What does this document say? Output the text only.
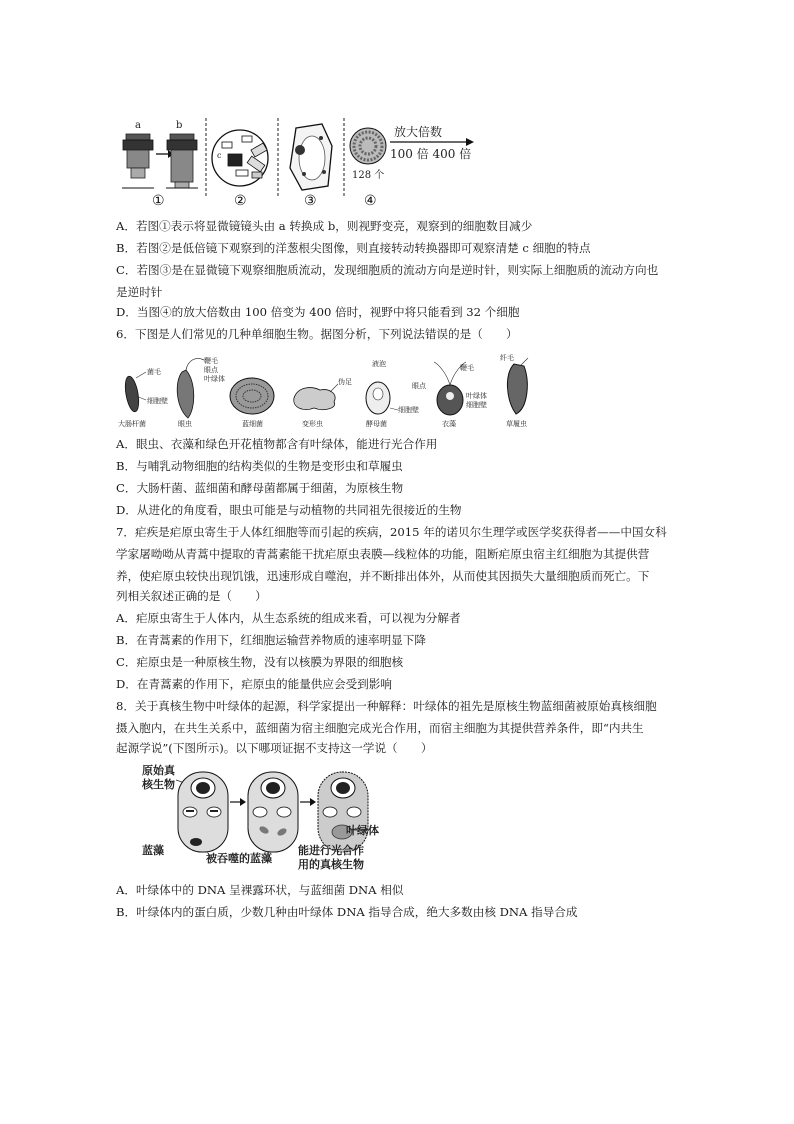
a	b
①
c
②	③
128 个
④
放大倍数
100 倍 400 倍
A．若图①表示将显微镜镜头由 a 转换成 b，则视野变亮，观察到的细胞数目减少
B．若图②是低倍镜下观察到的洋葱根尖图像，则直接转动转换器即可观察清楚 c 细胞的特点
C．若图③是在显微镜下观察细胞质流动，发现细胞质的流动方向是逆时针，则实际上细胞质的流动方向也
是逆时针
D．当图④的放大倍数由 100 倍变为 400 倍时，视野中将只能看到 32 个细胞
6．下图是人们常见的几种单细胞生物。据图分析，下列说法错误的是（　　）
菌毛
细胞壁
大肠杆菌
鞭毛
眼点
叶绿体
眼虫	蓝细菌
伪足
变形虫
液泡
细胞壁
酵母菌
鞭毛
眼点
叶绿体
细胞壁
衣藻
纤毛
草履虫
A．眼虫、衣藻和绿色开花植物都含有叶绿体，能进行光合作用
B．与哺乳动物细胞的结构类似的生物是变形虫和草履虫
C．大肠杆菌、蓝细菌和酵母菌都属于细菌，为原核生物
D．从进化的角度看，眼虫可能是与动植物的共同祖先很接近的生物
7．疟疾是疟原虫寄生于人体红细胞等而引起的疾病，2015 年的诺贝尔生理学或医学奖获得者——中国女科
学家屠呦呦从青蒿中提取的青蒿素能干扰疟原虫表膜—线粒体的功能，阻断疟原虫宿主红细胞为其提供营
养，使疟原虫较快出现饥饿，迅速形成自噬泡，并不断排出体外，从而使其因损失大量细胞质而死亡。下
列相关叙述正确的是（　　）
A．疟原虫寄生于人体内，从生态系统的组成来看，可以视为分解者
B．在青蒿素的作用下，红细胞运输营养物质的速率明显下降
C．疟原虫是一种原核生物，没有以核膜为界限的细胞核
D．在青蒿素的作用下，疟原虫的能量供应会受到影响
8．关于真核生物中叶绿体的起源，科学家提出一种解释：叶绿体的祖先是原核生物蓝细菌被原始真核细胞
摄入胞内，在共生关系中，蓝细菌为宿主细胞完成光合作用，而宿主细胞为其提供营养条件，即“内共生
起源学说”(下图所示)。以下哪项证据不支持这一学说（　　）
原始真
核生物
蓝藻
被吞噬的蓝藻
叶绿体
能进行光合作
用的真核生物
A．叶绿体中的 DNA 呈裸露环状，与蓝细菌 DNA 相似
B．叶绿体内的蛋白质，少数几种由叶绿体 DNA 指导合成，绝大多数由核 DNA 指导合成
